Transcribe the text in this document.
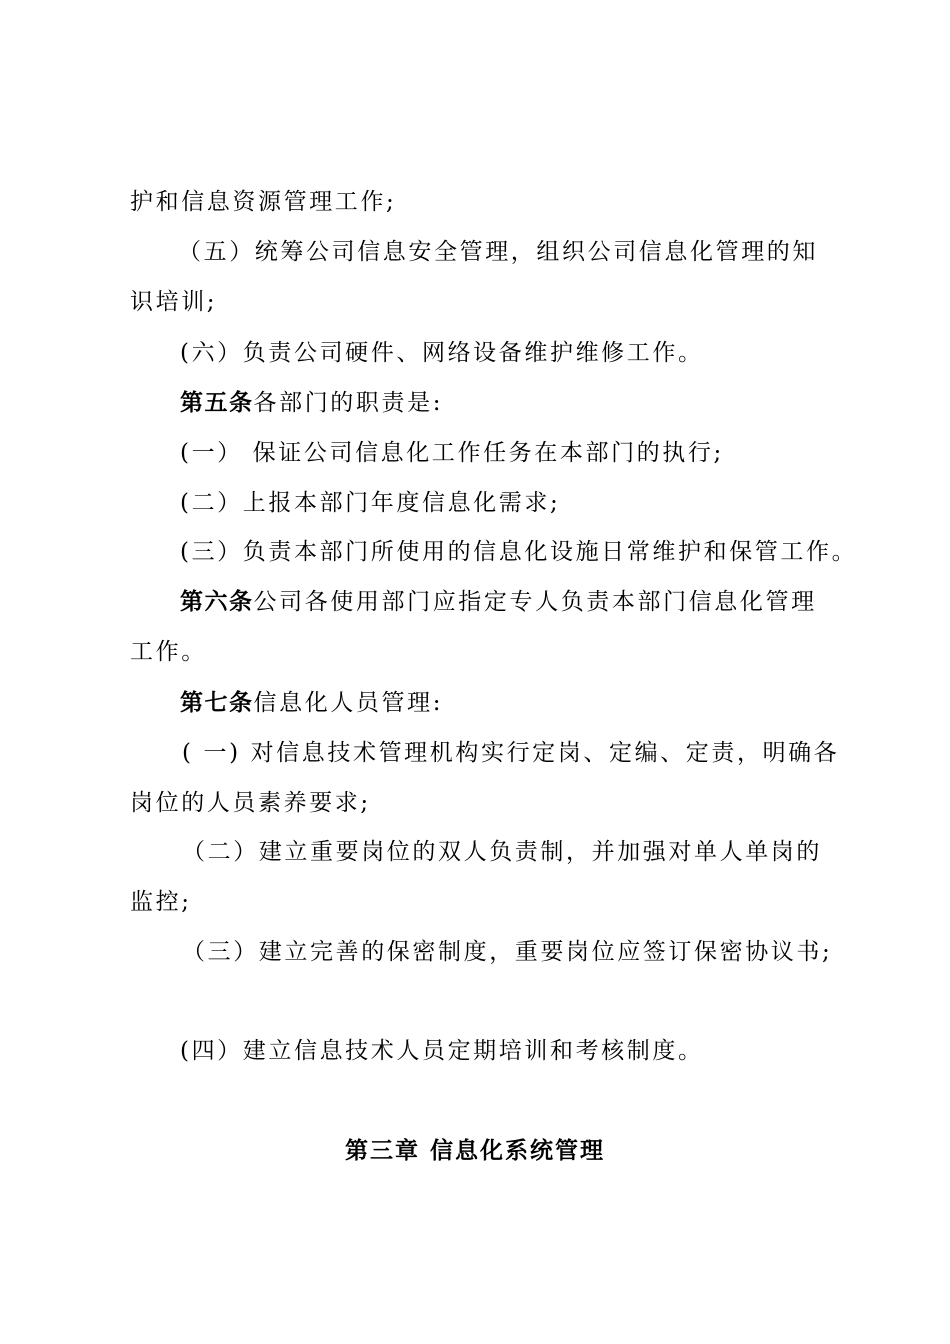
护和信息资源管理工作;
（五）统筹公司信息安全管理，组织公司信息化管理的知
识培训;
(六）负责公司硬件、网络设备维护维修工作。
第五条各部门的职责是:
(一） 保证公司信息化工作任务在本部门的执行;
(二）上报本部门年度信息化需求;
(三）负责本部门所使用的信息化设施日常维护和保管工作。
第六条公司各使用部门应指定专人负责本部门信息化管理
工作。
第七条信息化人员管理:
( 一) 对信息技术管理机构实行定岗、定编、定责，明确各
岗位的人员素养要求;
（二）建立重要岗位的双人负责制，并加强对单人单岗的
监控;
（三）建立完善的保密制度，重要岗位应签订保密协议书;
(四）建立信息技术人员定期培训和考核制度。
第三章 信息化系统管理
